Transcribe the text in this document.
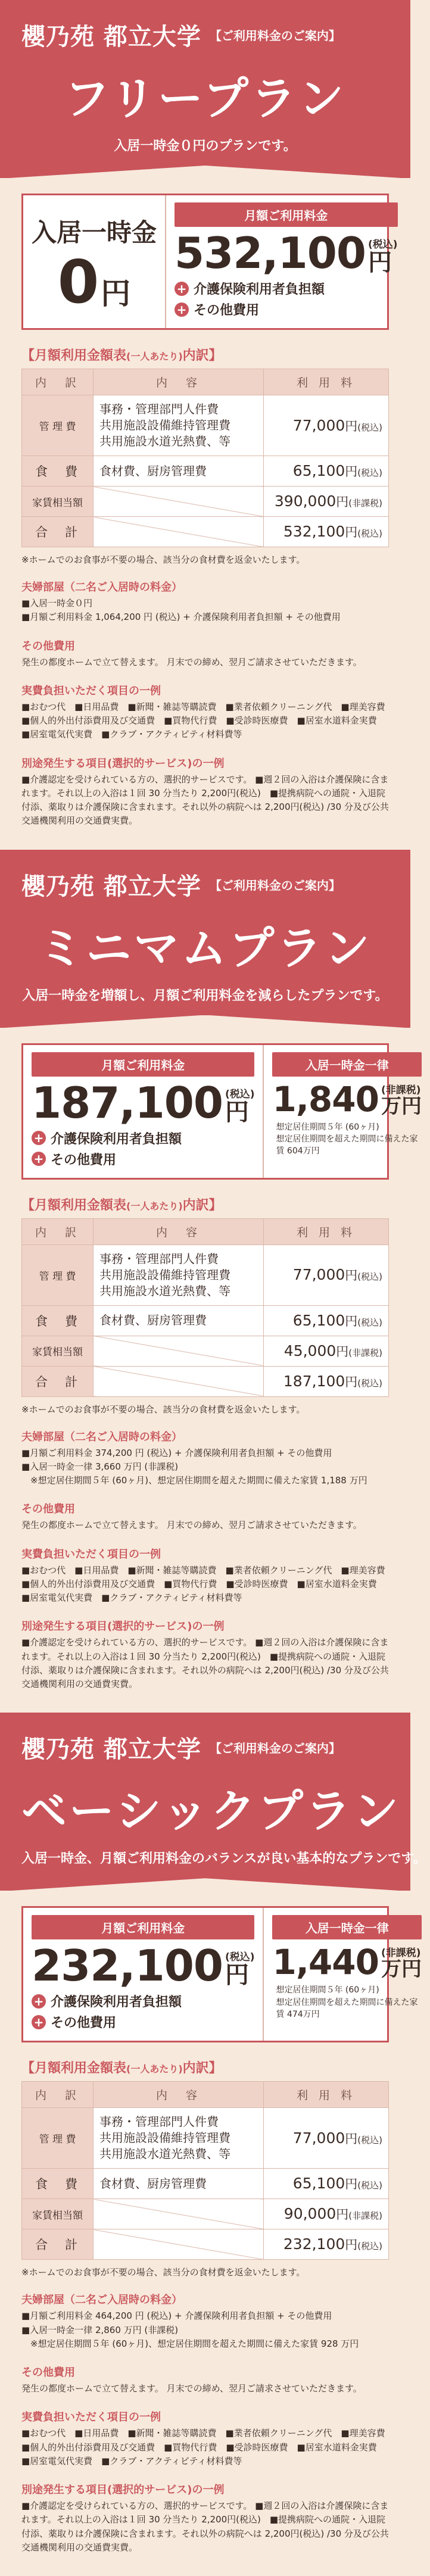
櫻乃苑 都立大学 【ご利用料金のご案内】
フリープラン
入居一時金０円のプランです。
入居一時金
0 円
月額ご利用料金
532,100 (税込)
円
+ 介護保険利用者負担額
+ その他費用
【月額利用金額表(一人あたり)内訳】
内　訳	内　容	利 用 料
管 理 費	事務・管理部門人件費
共用施設設備維持管理費
共用施設水道光熱費、等	77,000円(税込)
食　費	食材費、厨房管理費	65,100円(税込)
家賃相当額		390,000円(非課税)
合　計		532,100円(税込)
※ホームでのお食事が不要の場合、該当分の食材費を返金いたします。
夫婦部屋（二名ご入居時の料金）
■入居一時金０円
■月額ご利用料金 1,064,200 円 (税込) + 介護保険利用者負担額 + その他費用
その他費用
発生の都度ホームで立て替えます。 月末での締め、翌月ご請求させていただきます。
実費負担いただく項目の一例
■おむつ代　■日用品費　■新聞・雑誌等購読費　■業者依頼クリーニング代　■理美容費　■個人的外出付添費用及び交通費　■買物代行費　■受診時医療費　■居室水道料金実費　■居室電気代実費　■クラブ・アクティビティ材料費等
別途発生する項目(選択的サービス)の一例
■介護認定を受けられている方の、選択的サービスです。 ■週２回の入浴は介護保険に含まれます。それ以上の入浴は１回 30 分当たり 2,200円(税込)　■提携病院への通院・入退院付添、薬取りは介護保険に含まれます。それ以外の病院へは 2,200円(税込) /30 分及び公共交通機関利用の交通費実費。
櫻乃苑 都立大学 【ご利用料金のご案内】
ミニマムプラン
入居一時金を増額し、月額ご利用料金を減らしたプランです。
月額ご利用料金
187,100 (税込)
円
+ 介護保険利用者負担額
+ その他費用
入居一時金一律
1,840 (非課税)
万円
想定居住期間５年 (60ヶ月)
想定居住期間を超えた期間に備えた家賃 604万円
【月額利用金額表(一人あたり)内訳】
内　訳	内　容	利 用 料
管 理 費	事務・管理部門人件費
共用施設設備維持管理費
共用施設水道光熱費、等	77,000円(税込)
食　費	食材費、厨房管理費	65,100円(税込)
家賃相当額		45,000円(非課税)
合　計		187,100円(税込)
※ホームでのお食事が不要の場合、該当分の食材費を返金いたします。
夫婦部屋（二名ご入居時の料金）
■月額ご利用料金 374,200 円 (税込) + 介護保険利用者負担額 + その他費用
■入居一時金一律 3,660 万円 (非課税)
　※想定居住期間５年 (60ヶ月)、想定居住期間を超えた期間に備えた家賃 1,188 万円
その他費用
発生の都度ホームで立て替えます。 月末での締め、翌月ご請求させていただきます。
実費負担いただく項目の一例
■おむつ代　■日用品費　■新聞・雑誌等購読費　■業者依頼クリーニング代　■理美容費　■個人的外出付添費用及び交通費　■買物代行費　■受診時医療費　■居室水道料金実費　■居室電気代実費　■クラブ・アクティビティ材料費等
別途発生する項目(選択的サービス)の一例
■介護認定を受けられている方の、選択的サービスです。 ■週２回の入浴は介護保険に含まれます。それ以上の入浴は１回 30 分当たり 2,200円(税込)　■提携病院への通院・入退院付添、薬取りは介護保険に含まれます。それ以外の病院へは 2,200円(税込) /30 分及び公共交通機関利用の交通費実費。
櫻乃苑 都立大学 【ご利用料金のご案内】
ベーシックプラン
入居一時金、月額ご利用料金のバランスが良い基本的なプランです。
月額ご利用料金
232,100 (税込)
円
+ 介護保険利用者負担額
+ その他費用
入居一時金一律
1,440 (非課税)
万円
想定居住期間５年 (60ヶ月)
想定居住期間を超えた期間に備えた家賃 474万円
【月額利用金額表(一人あたり)内訳】
内　訳	内　容	利 用 料
管 理 費	事務・管理部門人件費
共用施設設備維持管理費
共用施設水道光熱費、等	77,000円(税込)
食　費	食材費、厨房管理費	65,100円(税込)
家賃相当額		90,000円(非課税)
合　計		232,100円(税込)
※ホームでのお食事が不要の場合、該当分の食材費を返金いたします。
夫婦部屋（二名ご入居時の料金）
■月額ご利用料金 464,200 円 (税込) + 介護保険利用者負担額 + その他費用
■入居一時金一律 2,860 万円 (非課税)
　※想定居住期間５年 (60ヶ月)、想定居住期間を超えた期間に備えた家賃 928 万円
その他費用
発生の都度ホームで立て替えます。 月末での締め、翌月ご請求させていただきます。
実費負担いただく項目の一例
■おむつ代　■日用品費　■新聞・雑誌等購読費　■業者依頼クリーニング代　■理美容費　■個人的外出付添費用及び交通費　■買物代行費　■受診時医療費　■居室水道料金実費　■居室電気代実費　■クラブ・アクティビティ材料費等
別途発生する項目(選択的サービス)の一例
■介護認定を受けられている方の、選択的サービスです。 ■週２回の入浴は介護保険に含まれます。それ以上の入浴は１回 30 分当たり 2,200円(税込)　■提携病院への通院・入退院付添、薬取りは介護保険に含まれます。それ以外の病院へは 2,200円(税込) /30 分及び公共交通機関利用の交通費実費。
